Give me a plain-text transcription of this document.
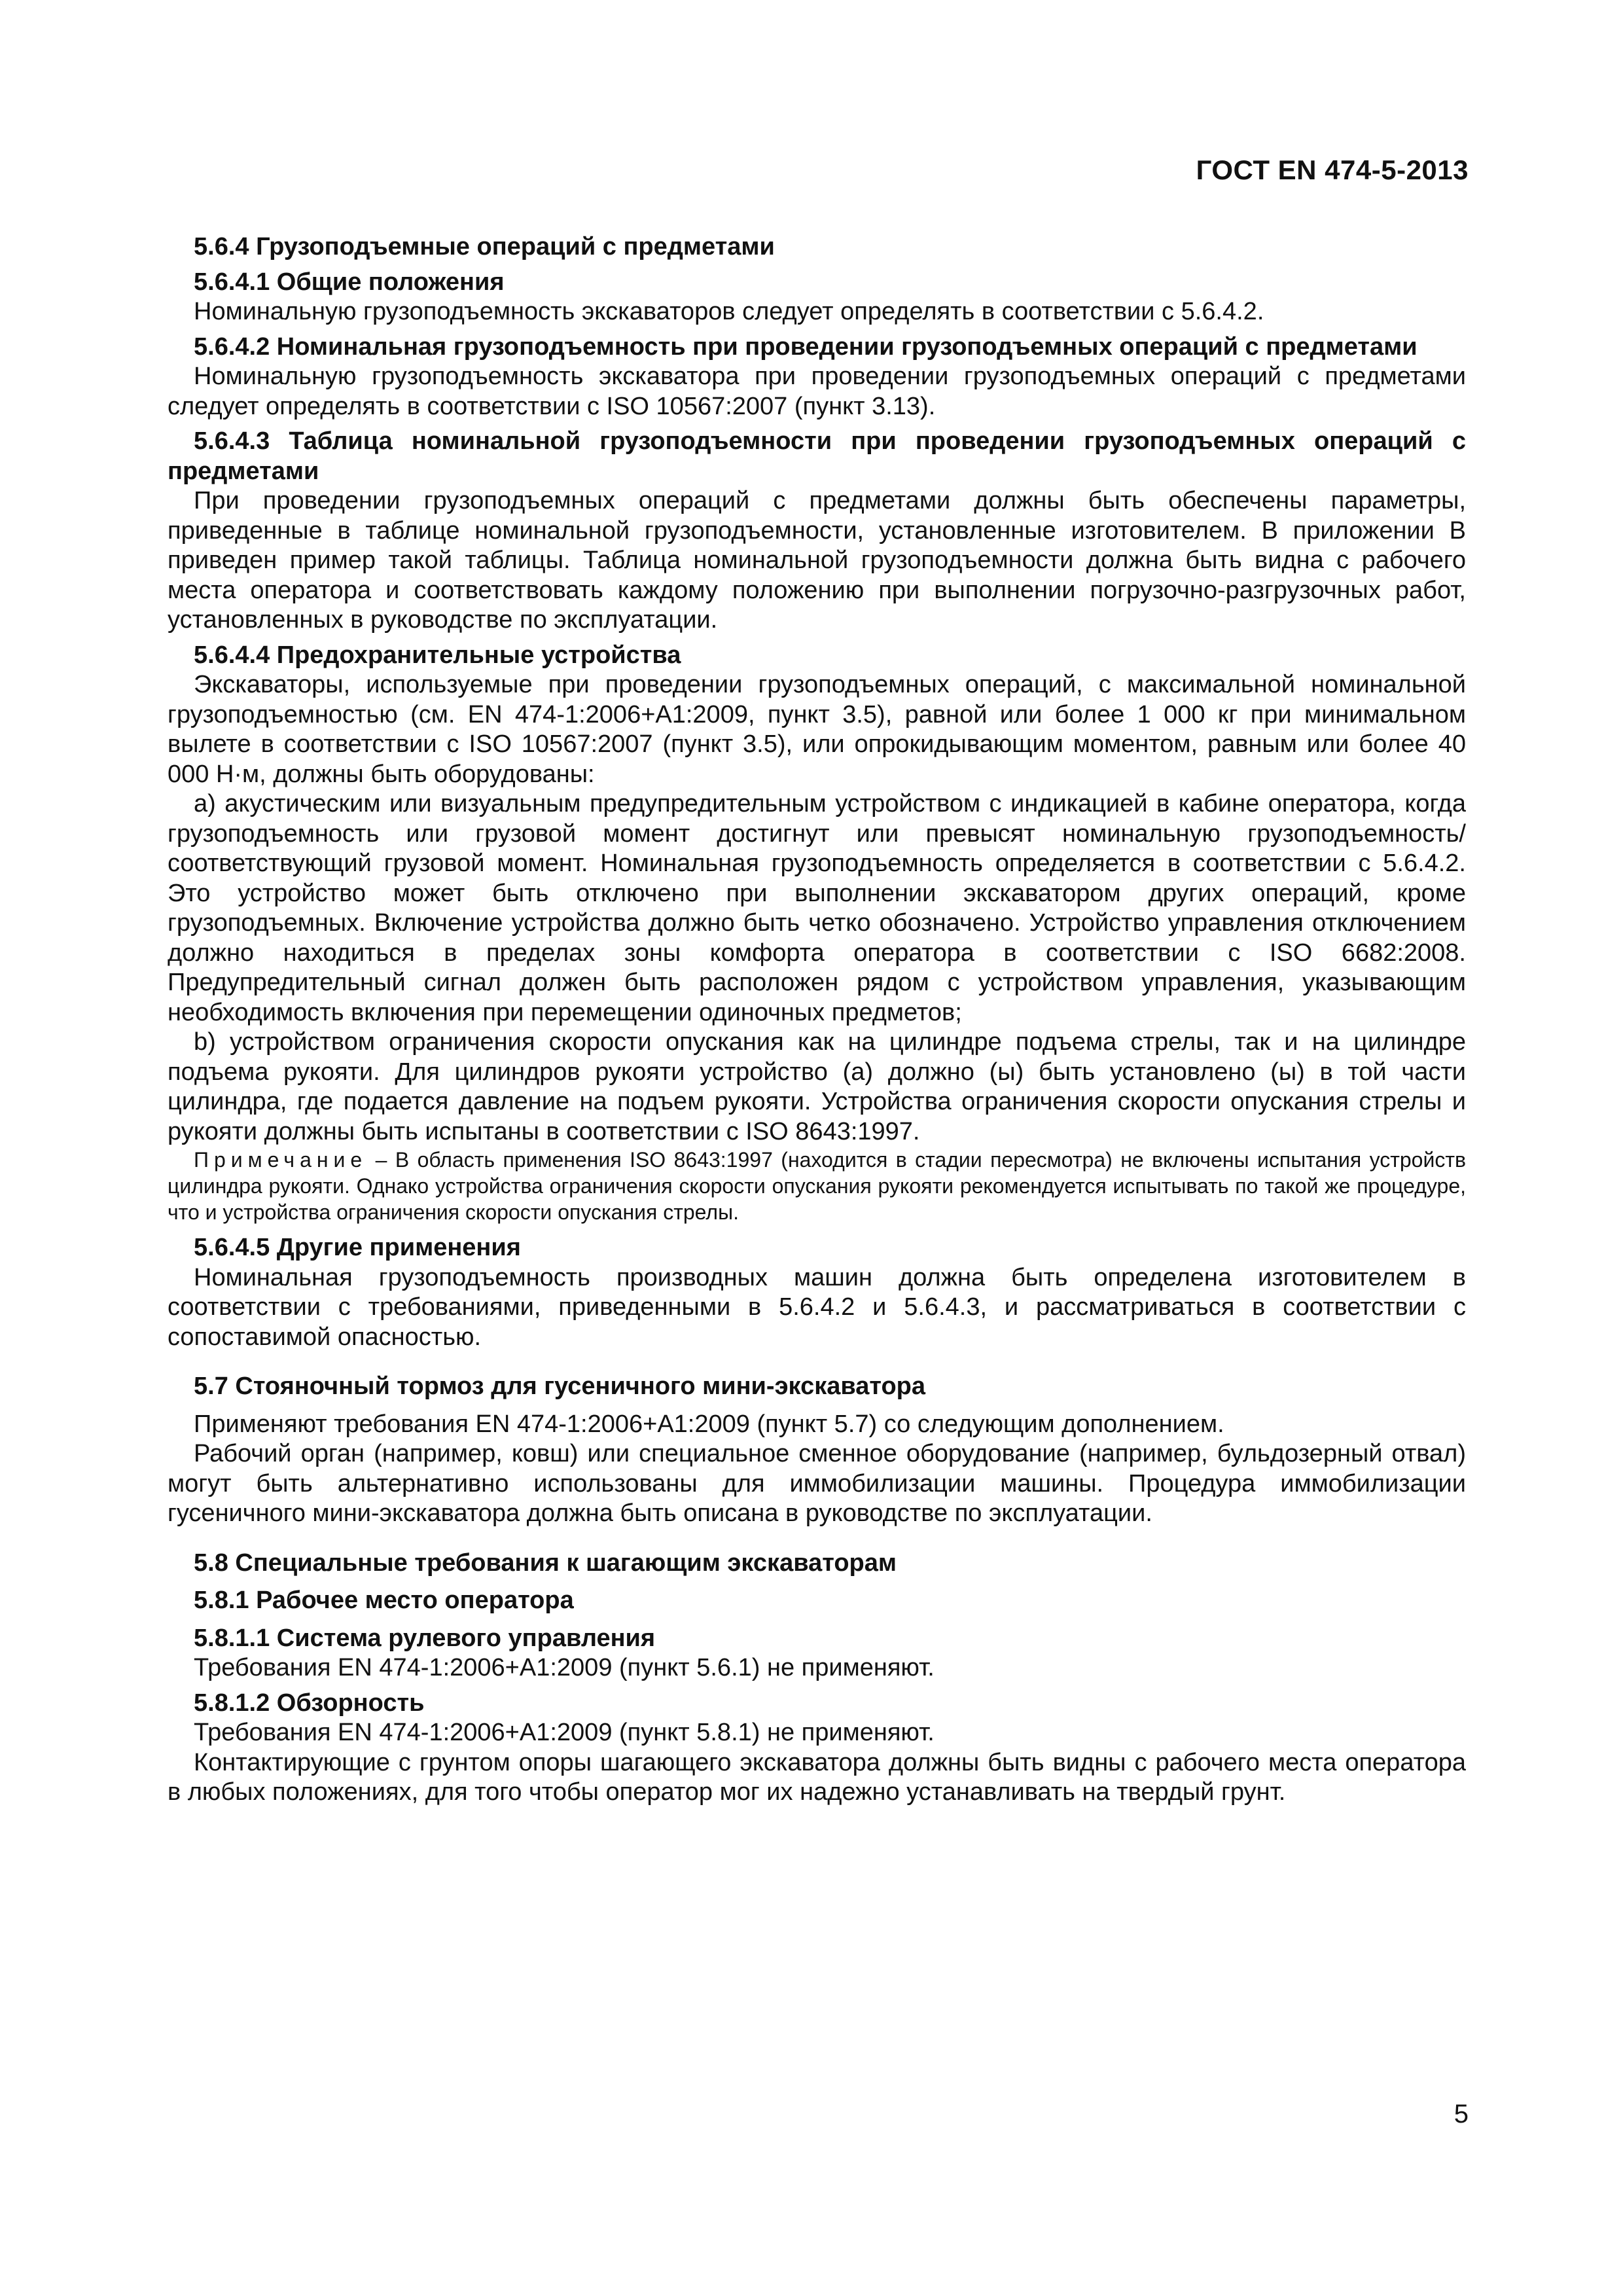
ГОСТ EN 474-5-2013
5.6.4 Грузоподъемные операций с предметами
5.6.4.1 Общие положения

Номинальную грузоподъемность экскаваторов следует определять в соответствии с 5.6.4.2.

5.6.4.2 Номинальная грузоподъемность при проведении грузоподъемных операций с предметами

Номинальную грузоподъемность экскаватора при проведении грузоподъемных операций с предметами следует определять в соответствии с ISO 10567:2007 (пункт 3.13).

5.6.4.3 Таблица номинальной грузоподъемности при проведении грузоподъемных операций с предметами

При проведении грузоподъемных операций с предметами должны быть обеспечены параметры, приведенные в таблице номинальной грузоподъемности, установленные изготовителем. В приложении В приведен пример такой таблицы. Таблица номинальной грузоподъемности должна быть видна с рабочего места оператора и соответствовать каждому положению при выполнении погрузочно-разгрузочных работ, установленных в руководстве по эксплуатации.

5.6.4.4 Предохранительные устройства

Экскаваторы, используемые при проведении грузоподъемных операций, с максимальной номинальной грузоподъемностью (см. EN 474-1:2006+A1:2009, пункт 3.5), равной или более 1 000 кг при минимальном вылете в соответствии с ISO 10567:2007 (пункт 3.5), или опрокидывающим моментом, равным или более 40 000 Н·м, должны быть оборудованы:

a) акустическим или визуальным предупредительным устройством с индикацией в кабине оператора, когда грузоподъемность или грузовой момент достигнут или превысят номинальную грузоподъемность/соответствующий грузовой момент. Номинальная грузоподъемность определяется в соответствии с 5.6.4.2. Это устройство может быть отключено при выполнении экскаватором других операций, кроме грузоподъемных. Включение устройства должно быть четко обозначено. Устройство управления отключением должно находиться в пределах зоны комфорта оператора в соответствии с ISO 6682:2008. Предупредительный сигнал должен быть расположен рядом с устройством управления, указывающим необходимость включения при перемещении одиночных предметов;

b) устройством ограничения скорости опускания как на цилиндре подъема стрелы, так и на цилиндре подъема рукояти. Для цилиндров рукояти устройство (а) должно (ы) быть установлено (ы) в той части цилиндра, где подается давление на подъем рукояти. Устройства ограничения скорости опускания стрелы и рукояти должны быть испытаны в соответствии с ISO 8643:1997.

Примечание – В область применения ISO 8643:1997 (находится в стадии пересмотра) не включены испытания устройств цилиндра рукояти. Однако устройства ограничения скорости опускания рукояти рекомендуется испытывать по такой же процедуре, что и устройства ограничения скорости опускания стрелы.

5.6.4.5 Другие применения

Номинальная грузоподъемность производных машин должна быть определена изготовителем в соответствии с требованиями, приведенными в 5.6.4.2 и 5.6.4.3, и рассматриваться в соответствии с сопоставимой опасностью.

5.7 Стояночный тормоз для гусеничного мини-экскаватора

Применяют требования EN 474-1:2006+A1:2009 (пункт 5.7) со следующим дополнением.

Рабочий орган (например, ковш) или специальное сменное оборудование (например, бульдозерный отвал) могут быть альтернативно использованы для иммобилизации машины. Процедура иммобилизации гусеничного мини-экскаватора должна быть описана в руководстве по эксплуатации.

5.8 Специальные требования к шагающим экскаваторам
5.8.1 Рабочее место оператора
5.8.1.1 Система рулевого управления

Требования EN 474-1:2006+A1:2009 (пункт 5.6.1) не применяют.

5.8.1.2 Обзорность

Требования EN 474-1:2006+A1:2009 (пункт 5.8.1) не применяют.

Контактирующие с грунтом опоры шагающего экскаватора должны быть видны с рабочего места оператора в любых положениях, для того чтобы оператор мог их надежно устанавливать на твердый грунт.

5
